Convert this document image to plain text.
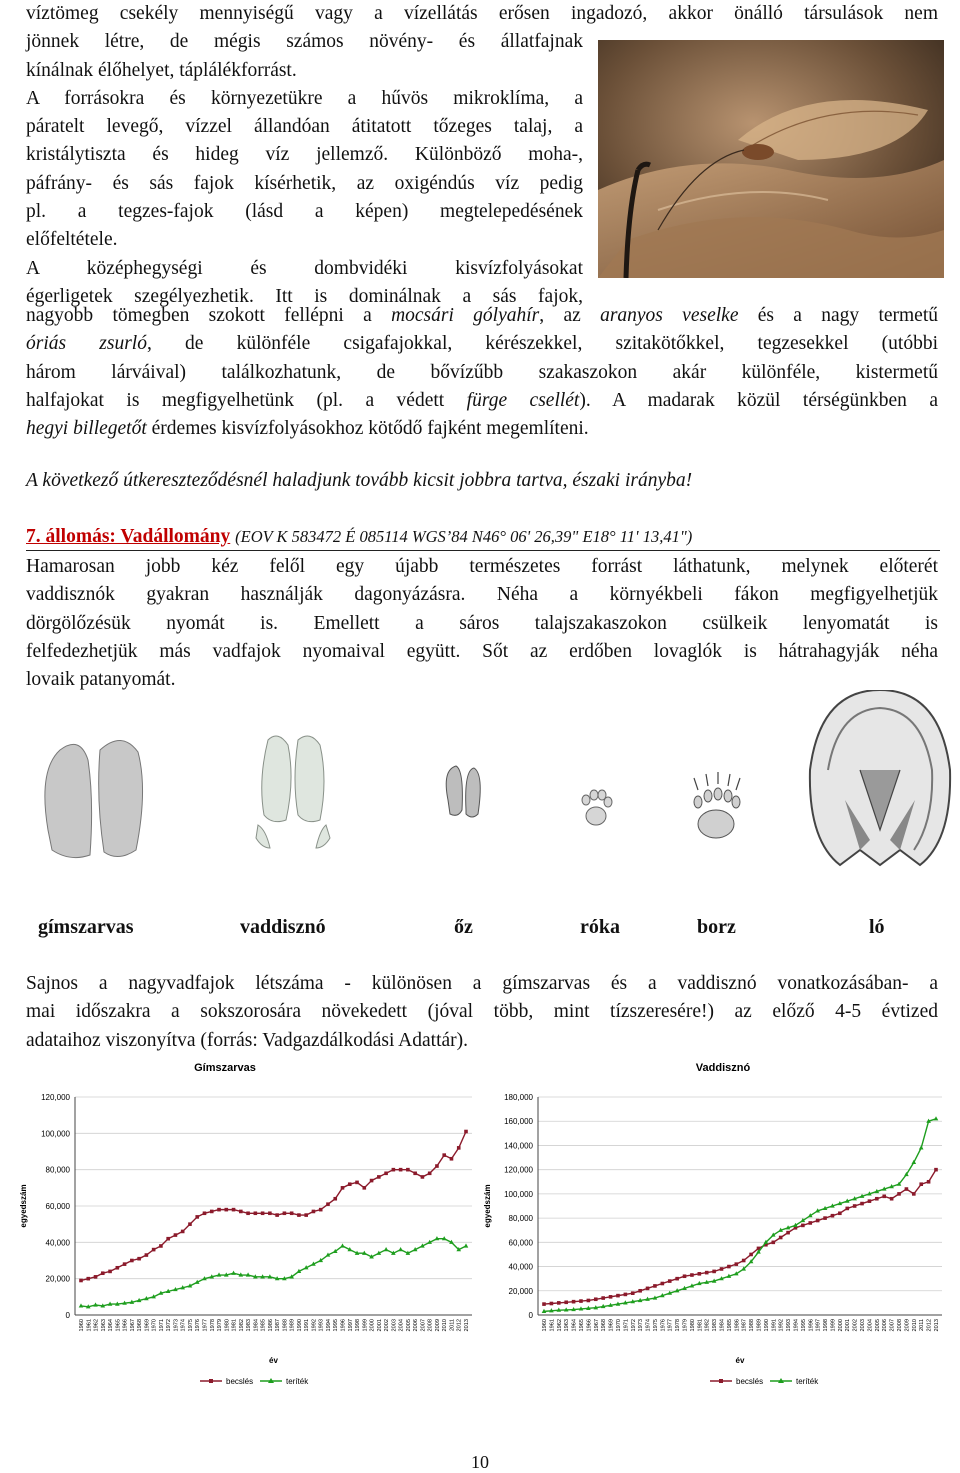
víztömeg csekély mennyiségű vagy a vízellátás erősen ingadozó, akkor önálló társulások nem
jönnek létre, de mégis számos növény- és állatfajnak
kínálnak élőhelyet, táplálékforrást.
A forrásokra és környezetükre a hűvös mikroklíma, a
páratelt levegő, vízzel állandóan átitatott tőzeges talaj, a
kristálytiszta és hideg víz jellemző. Különböző moha-,
páfrány- és sás fajok kísérhetik, az oxigéndús víz pedig
pl. a tegzes-fajok (lásd a képen) megtelepedésének
előfeltétele.
A középhegységi és dombvidéki kisvízfolyásokat
égerligetek szegélyezhetik. Itt is dominálnak a sás fajok,
nagyobb tömegben szokott fellépni a mocsári gólyahír, az aranyos veselke és a nagy termetű
óriás zsurló, de különféle csigafajokkal, kérészekkel, szitakötőkkel, tegzesekkel (utóbbi
három lárváival) találkozhatunk, de bővízűbb szakaszokon akár különféle, kistermetű
halfajokat is megfigyelhetünk (pl. a védett fürge csellét). A madarak közül térségünkben a
hegyi billegetőt érdemes kisvízfolyásokhoz kötődő fajként megemlíteni.
A következő útkereszteződésnél haladjunk tovább kicsit jobbra tartva, északi irányba!
7. állomás: Vadállomány (EOV K 583472 É 085114 WGS’84 N46° 06' 26,39" E18° 11' 13,41")
Hamarosan jobb kéz felől egy újabb természetes forrást láthatunk, melynek előterét
vaddisznók gyakran használják dagonyázásra. Néha a környékbeli fákon megfigyelhetjük
dörgölőzésük nyomát is. Emellett a sáros talajszakaszokon csülkeik lenyomatát is
felfedezhetjük más vadfajok nyomaival együtt. Sőt az erdőben lovaglók is hátrahagyják néha
lovaik patanyomát.
gímszarvas	vaddisznó	őz	róka	borz	ló
Sajnos a nagyvadfajok létszáma - különösen a gímszarvas és a vaddisznó vonatkozásában- a
mai időszakra a sokszorosára növekedett (jóval több, mint tízszeresére!) az előző 4-5 évtized
adataihoz viszonyítva (forrás: Vadgazdálkodási Adattár).
Gímszarvas
0
20,000
40,000
60,000
80,000
100,000
120,000
egyedszám
1960 1961 1962 1963 1964 1965 1966 1967 1968 1969 1970 1971 1972 1973 1974 1975 1976 1977 1978 1979 1980 1981 1982 1983 1984 1985 1986 1987 1988 1989 1990 1991 1992 1993 1994 1995 1996 1997 1998 1999 2000 2001 2002 2003 2004 2005 2006 2007 2008 2009 2010 2011 2012 2013
év
becslés	teríték
Vaddisznó
0
20,000
40,000
60,000
80,000
100,000
120,000
140,000
160,000
180,000
egyedszám
1960 1961 1962 1963 1964 1965 1966 1967 1968 1969 1970 1971 1972 1973 1974 1975 1976 1977 1978 1979 1980 1981 1982 1983 1984 1985 1986 1987 1988 1989 1990 1991 1992 1993 1994 1995 1996 1997 1998 1999 2000 2001 2002 2003 2004 2005 2006 2007 2008 2009 2010 2011 2012 2013
év
becslés	teríték
10
